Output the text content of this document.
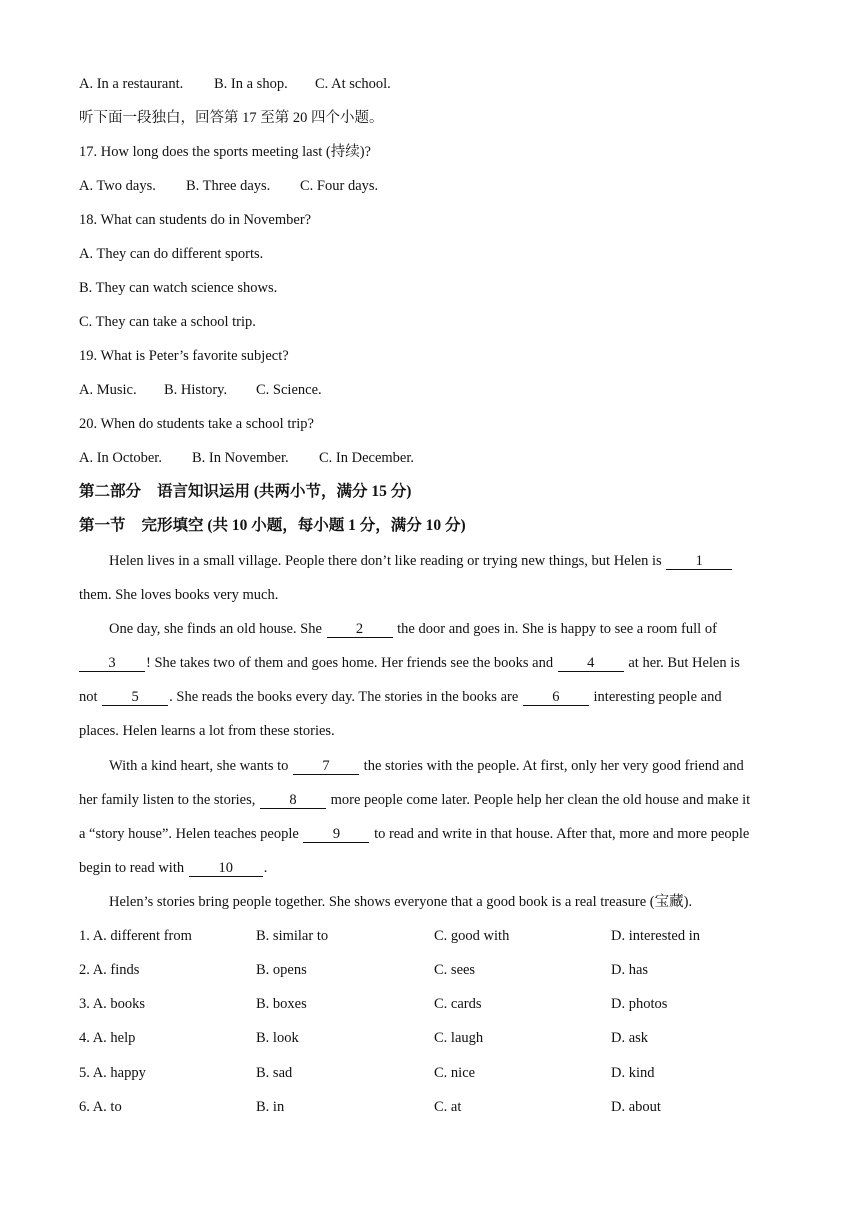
A. In a restaurant. B. In a shop. C. At school.
听下面一段独白，回答第 17 至第 20 四个小题。
17. How long does the sports meeting last (持续)?
A. Two days. B. Three days. C. Four days.
18. What can students do in November?
A. They can do different sports.
B. They can watch science shows.
C. They can take a school trip.
19. What is Peter’s favorite subject?
A. Music. B. History. C. Science.
20. When do students take a school trip?
A. In October. B. In November. C. In December.
第二部分 语言知识运用 (共两小节，满分 15 分)
第一节 完形填空 (共 10 小题，每小题 1 分，满分 10 分)
Helen lives in a small village. People there don’t like reading or trying new things, but Helen is 1
them. She loves books very much.
One day, she finds an old house. She 2 the door and goes in. She is happy to see a room full of
3 ! She takes two of them and goes home. Her friends see the books and 4 at her. But Helen is
not 5 . She reads the books every day. The stories in the books are 6 interesting people and
places. Helen learns a lot from these stories.
With a kind heart, she wants to 7 the stories with the people. At first, only her very good friend and
her family listen to the stories, 8 more people come later. People help her clean the old house and make it
a “story house”. Helen teaches people 9 to read and write in that house. After that, more and more people
begin to read with 10 .
Helen’s stories bring people together. She shows everyone that a good book is a real treasure (宝藏).
1. A. different from	B. similar to	C. good with	D. interested in
2. A. finds	B. opens	C. sees	D. has
3. A. books	B. boxes	C. cards	D. photos
4. A. help	B. look	C. laugh	D. ask
5. A. happy	B. sad	C. nice	D. kind
6. A. to	B. in	C. at	D. about
